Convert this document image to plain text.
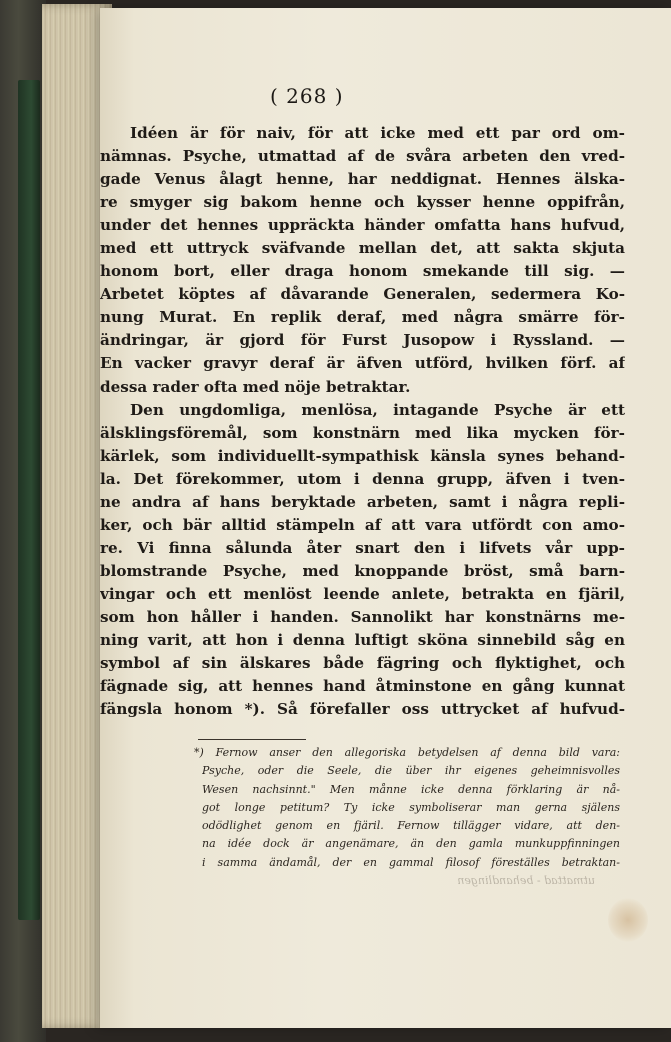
( 268 )
Idéen är för naiv, för att icke med ett par ord om-
nämnas. Psyche, utmattad af de svåra arbeten den vred-
gade Venus ålagt henne, har neddignat. Hennes älska-
re smyger sig bakom henne och kysser henne oppifrån,
under det hennes uppräckta händer omfatta hans hufvud,
med ett uttryck sväfvande mellan det, att sakta skjuta
honom bort, eller draga honom smekande till sig. —
Arbetet köptes af dåvarande Generalen, sedermera Ko-
nung Murat. En replik deraf, med några smärre för-
ändringar, är gjord för Furst Jusopow i Ryssland. —
En vacker gravyr deraf är äfven utförd, hvilken förf. af
dessa rader ofta med nöje betraktar.
Den ungdomliga, menlösa, intagande Psyche är ett
älsklingsföremål, som konstnärn med lika mycken för-
kärlek, som individuellt-sympathisk känsla synes behand-
la. Det förekommer, utom i denna grupp, äfven i tven-
ne andra af hans beryktade arbeten, samt i några repli-
ker, och bär alltid stämpeln af att vara utfördt con amo-
re. Vi finna sålunda åter snart den i lifvets vår upp-
blomstrande Psyche, med knoppande bröst, små barn-
vingar och ett menlöst leende anlete, betrakta en fjäril,
som hon håller i handen. Sannolikt har konstnärns me-
ning varit, att hon i denna luftigt sköna sinnebild såg en
symbol af sin älskares både fägring och flyktighet, och
fägnade sig, att hennes hand åtminstone en gång kunnat
fängsla honom *). Så förefaller oss uttrycket af hufvud-
*) Fernow anser den allegoriska betydelsen af denna bild vara:
Psyche, oder die Seele, die über ihr eigenes geheimnisvolles
Wesen nachsinnt." Men månne icke denna förklaring är nå-
got longe petitum? Ty icke symboliserar man gerna själens
odödlighet genom en fjäril. Fernow tillägger vidare, att den-
na idée dock är angenämare, än den gamla munkuppfinningen
i samma ändamål, der en gammal filosof föreställes betraktan-
utmattad - behandlingen
